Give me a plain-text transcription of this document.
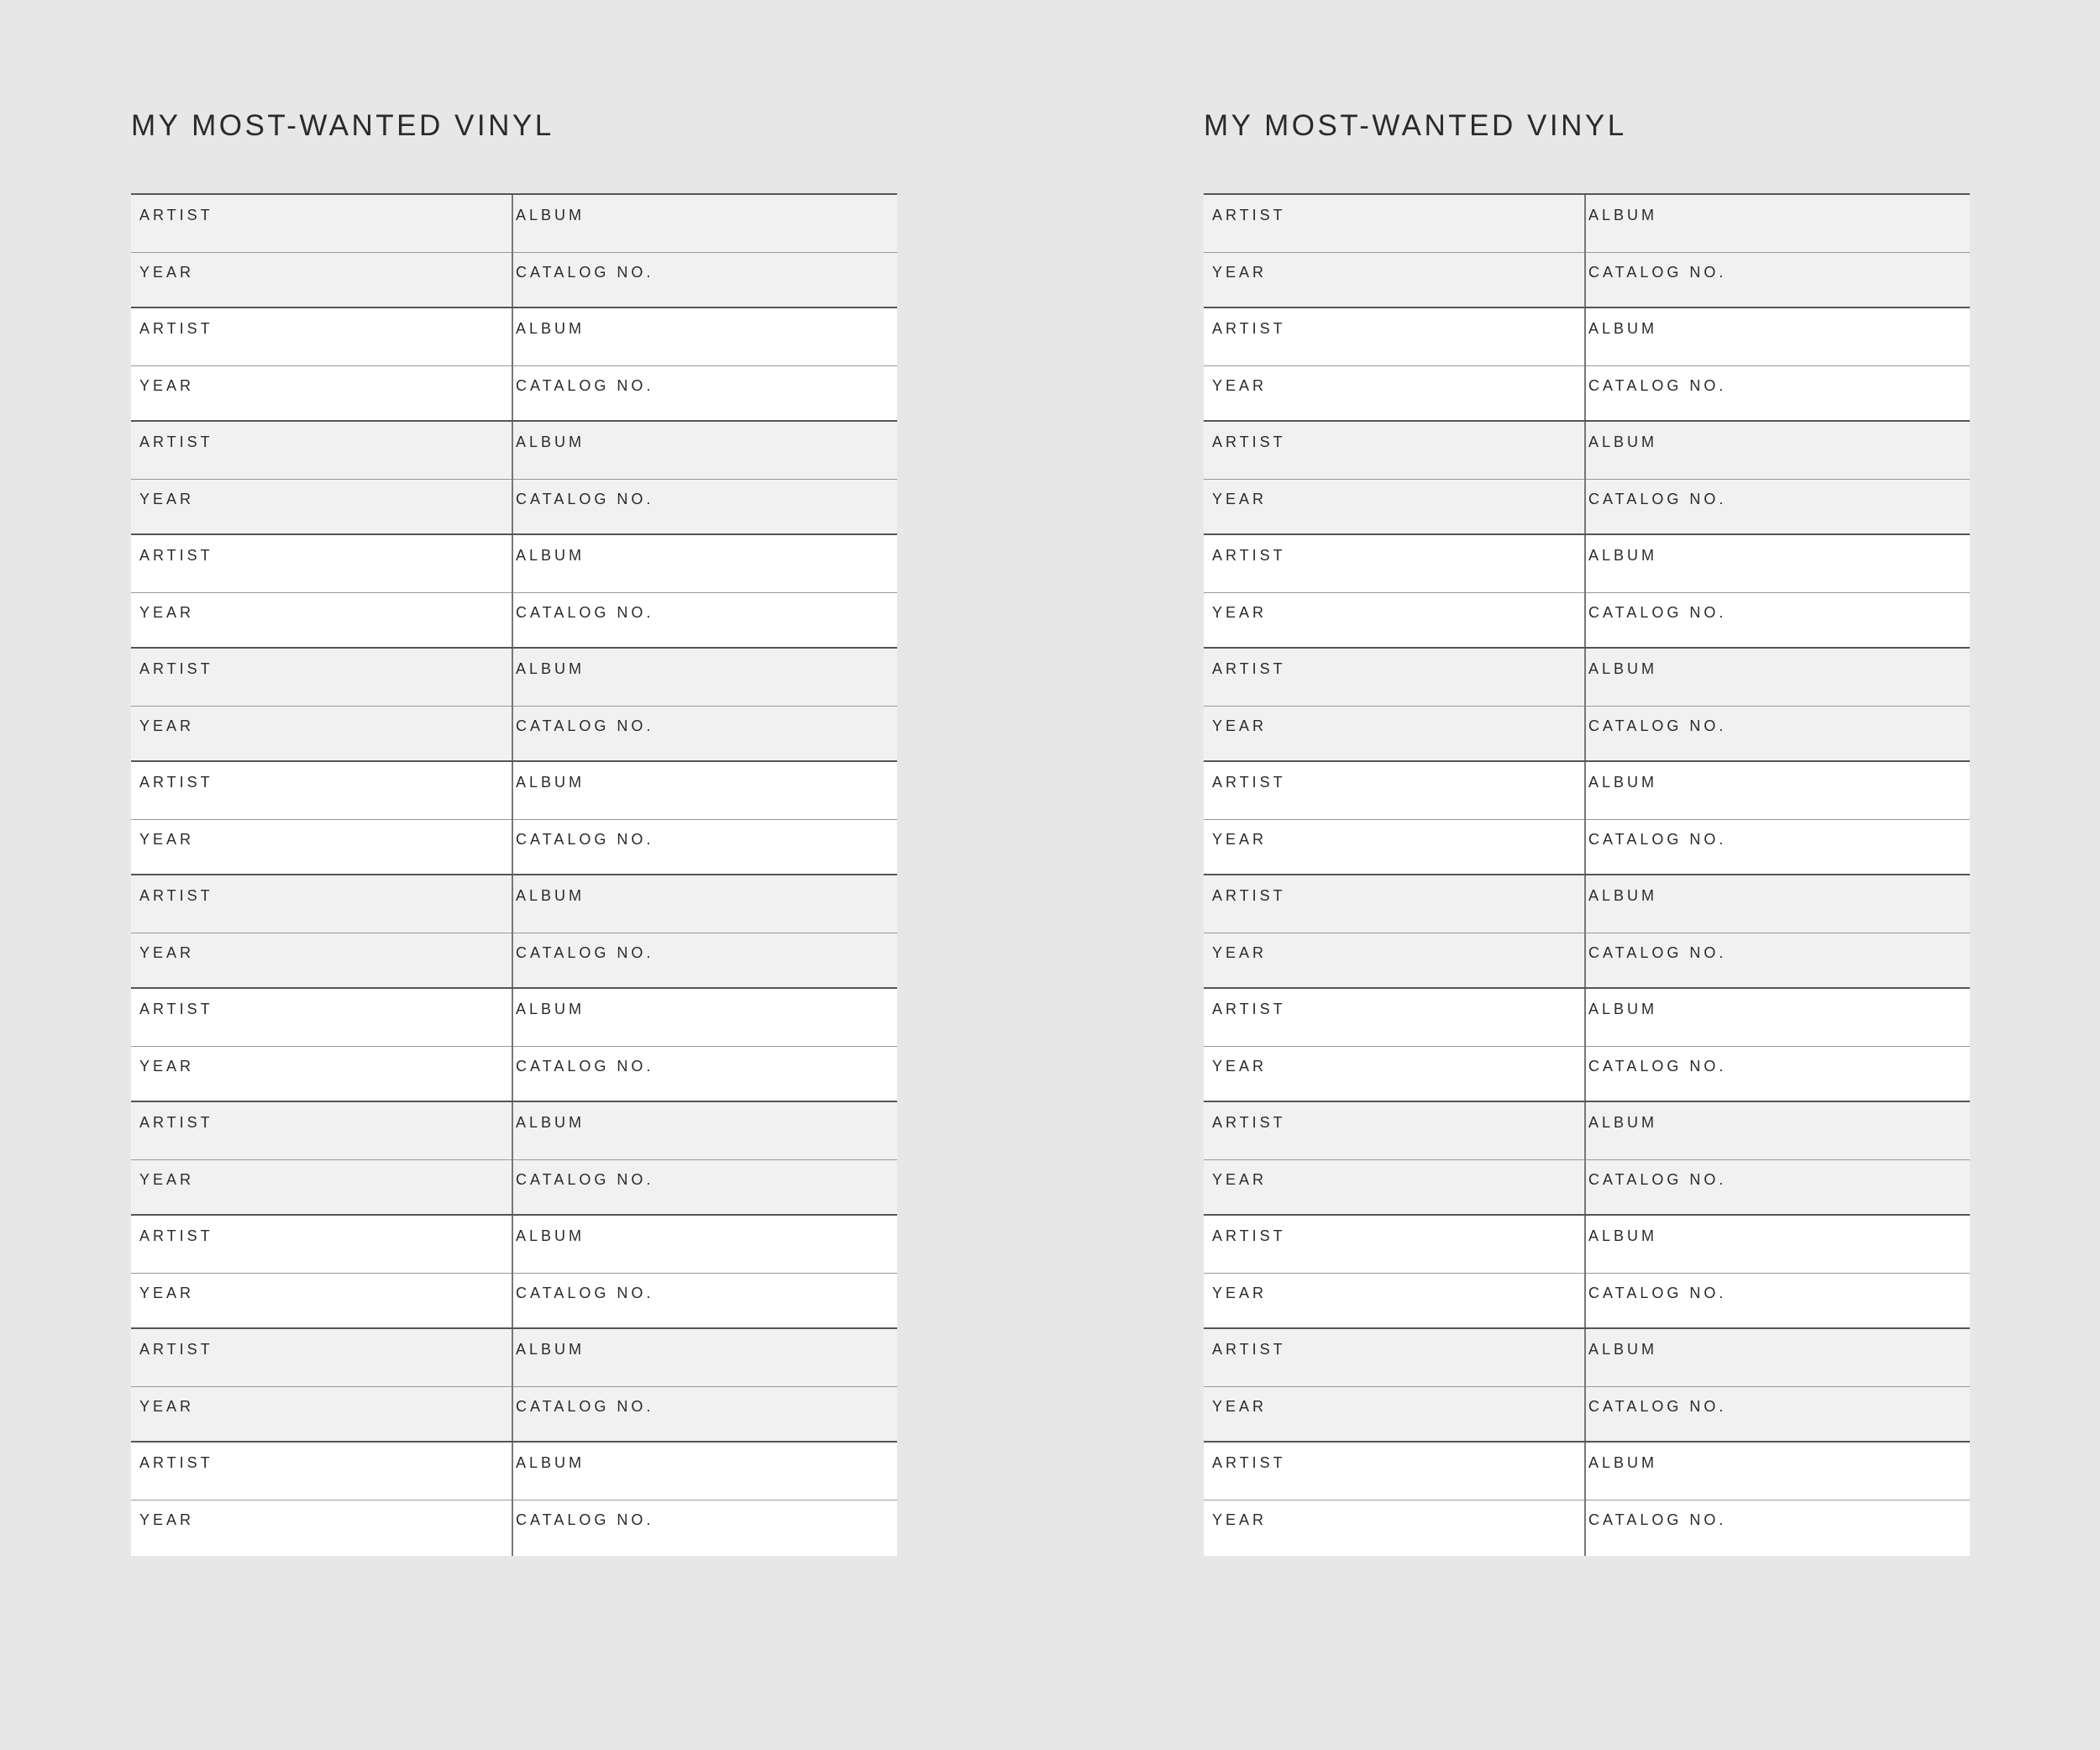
MY MOST-WANTED VINYL
ARTIST	ALBUM
YEAR	CATALOG NO.
ARTIST	ALBUM
YEAR	CATALOG NO.
ARTIST	ALBUM
YEAR	CATALOG NO.
ARTIST	ALBUM
YEAR	CATALOG NO.
ARTIST	ALBUM
YEAR	CATALOG NO.
ARTIST	ALBUM
YEAR	CATALOG NO.
ARTIST	ALBUM
YEAR	CATALOG NO.
ARTIST	ALBUM
YEAR	CATALOG NO.
ARTIST	ALBUM
YEAR	CATALOG NO.
ARTIST	ALBUM
YEAR	CATALOG NO.
ARTIST	ALBUM
YEAR	CATALOG NO.
ARTIST	ALBUM
YEAR	CATALOG NO.
MY MOST-WANTED VINYL
ARTIST	ALBUM
YEAR	CATALOG NO.
ARTIST	ALBUM
YEAR	CATALOG NO.
ARTIST	ALBUM
YEAR	CATALOG NO.
ARTIST	ALBUM
YEAR	CATALOG NO.
ARTIST	ALBUM
YEAR	CATALOG NO.
ARTIST	ALBUM
YEAR	CATALOG NO.
ARTIST	ALBUM
YEAR	CATALOG NO.
ARTIST	ALBUM
YEAR	CATALOG NO.
ARTIST	ALBUM
YEAR	CATALOG NO.
ARTIST	ALBUM
YEAR	CATALOG NO.
ARTIST	ALBUM
YEAR	CATALOG NO.
ARTIST	ALBUM
YEAR	CATALOG NO.
